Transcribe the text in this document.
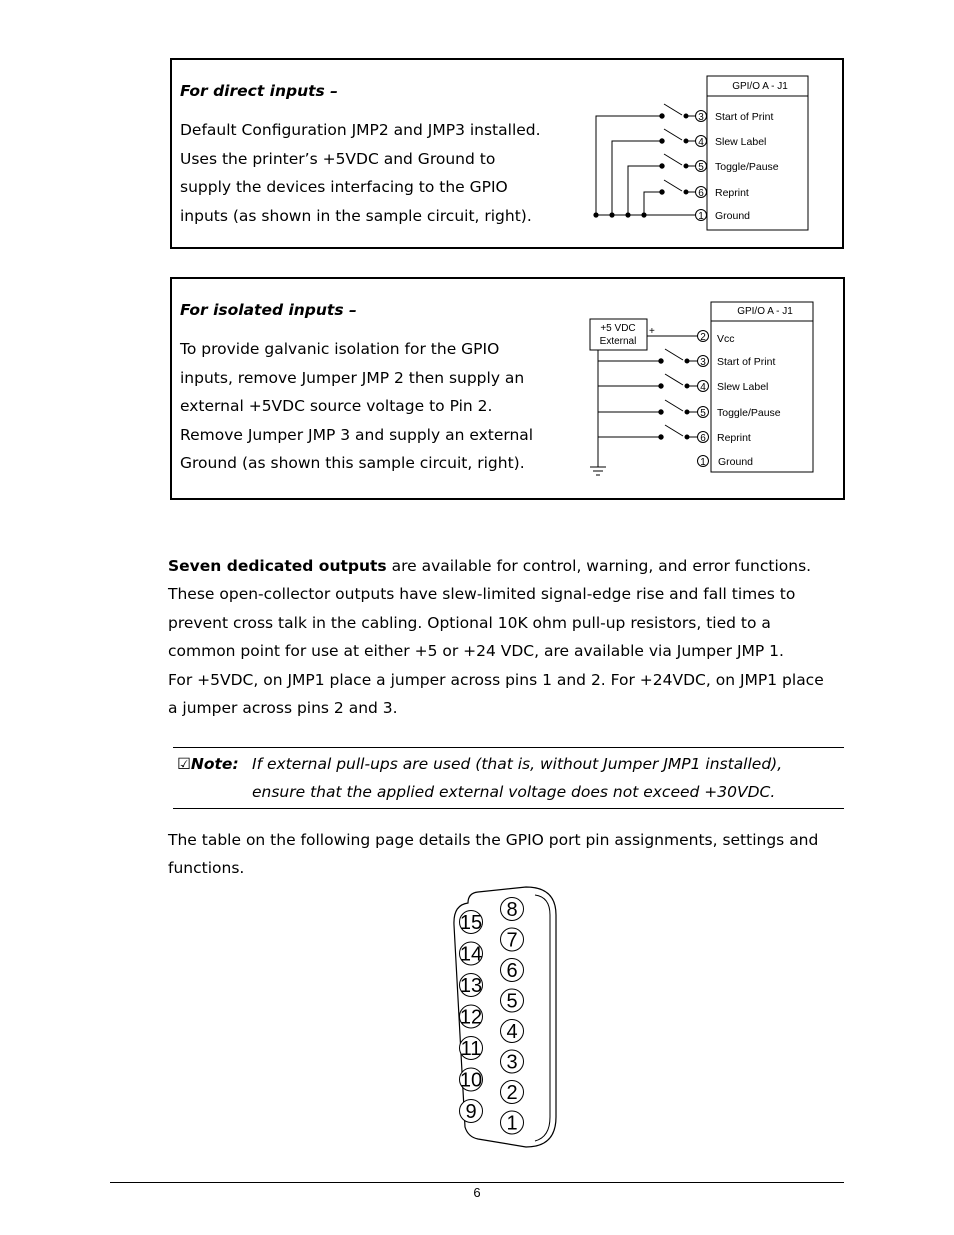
For direct inputs –
Default Configuration JMP2 and JMP3 installed.
Uses the printer’s +5VDC and Ground to
supply the devices interfacing to the GPIO
inputs (as shown in the sample circuit, right).
GPI/O A - J1
3 Start of Print
4 Slew Label
5 Toggle/Pause
6 Reprint
1 Ground
For isolated inputs –
To provide galvanic isolation for the GPIO
inputs, remove Jumper JMP 2 then supply an
external +5VDC source voltage to Pin 2.
Remove Jumper JMP 3 and supply an external
Ground (as shown this sample circuit, right).
GPI/O A - J1
+5 VDC
External
+
2 Vcc
3 Start of Print
4 Slew Label
5 Toggle/Pause
6 Reprint
1 Ground
Seven dedicated outputs are available for control, warning, and error functions.
These open-collector outputs have slew-limited signal-edge rise and fall times to
prevent cross talk in the cabling. Optional 10K ohm pull-up resistors, tied to a
common point for use at either +5 or +24 VDC, are available via Jumper JMP 1.
For +5VDC, on JMP1 place a jumper across pins 1 and 2. For +24VDC, on JMP1 place
a jumper across pins 2 and 3.
☑Note: If external pull-ups are used (that is, without Jumper JMP1 installed),
ensure that the applied external voltage does not exceed +30VDC.
The table on the following page details the GPIO port pin assignments, settings and
functions.
15
14
13
12
11
10
9
8
7
6
5
4
3
2
1
6
